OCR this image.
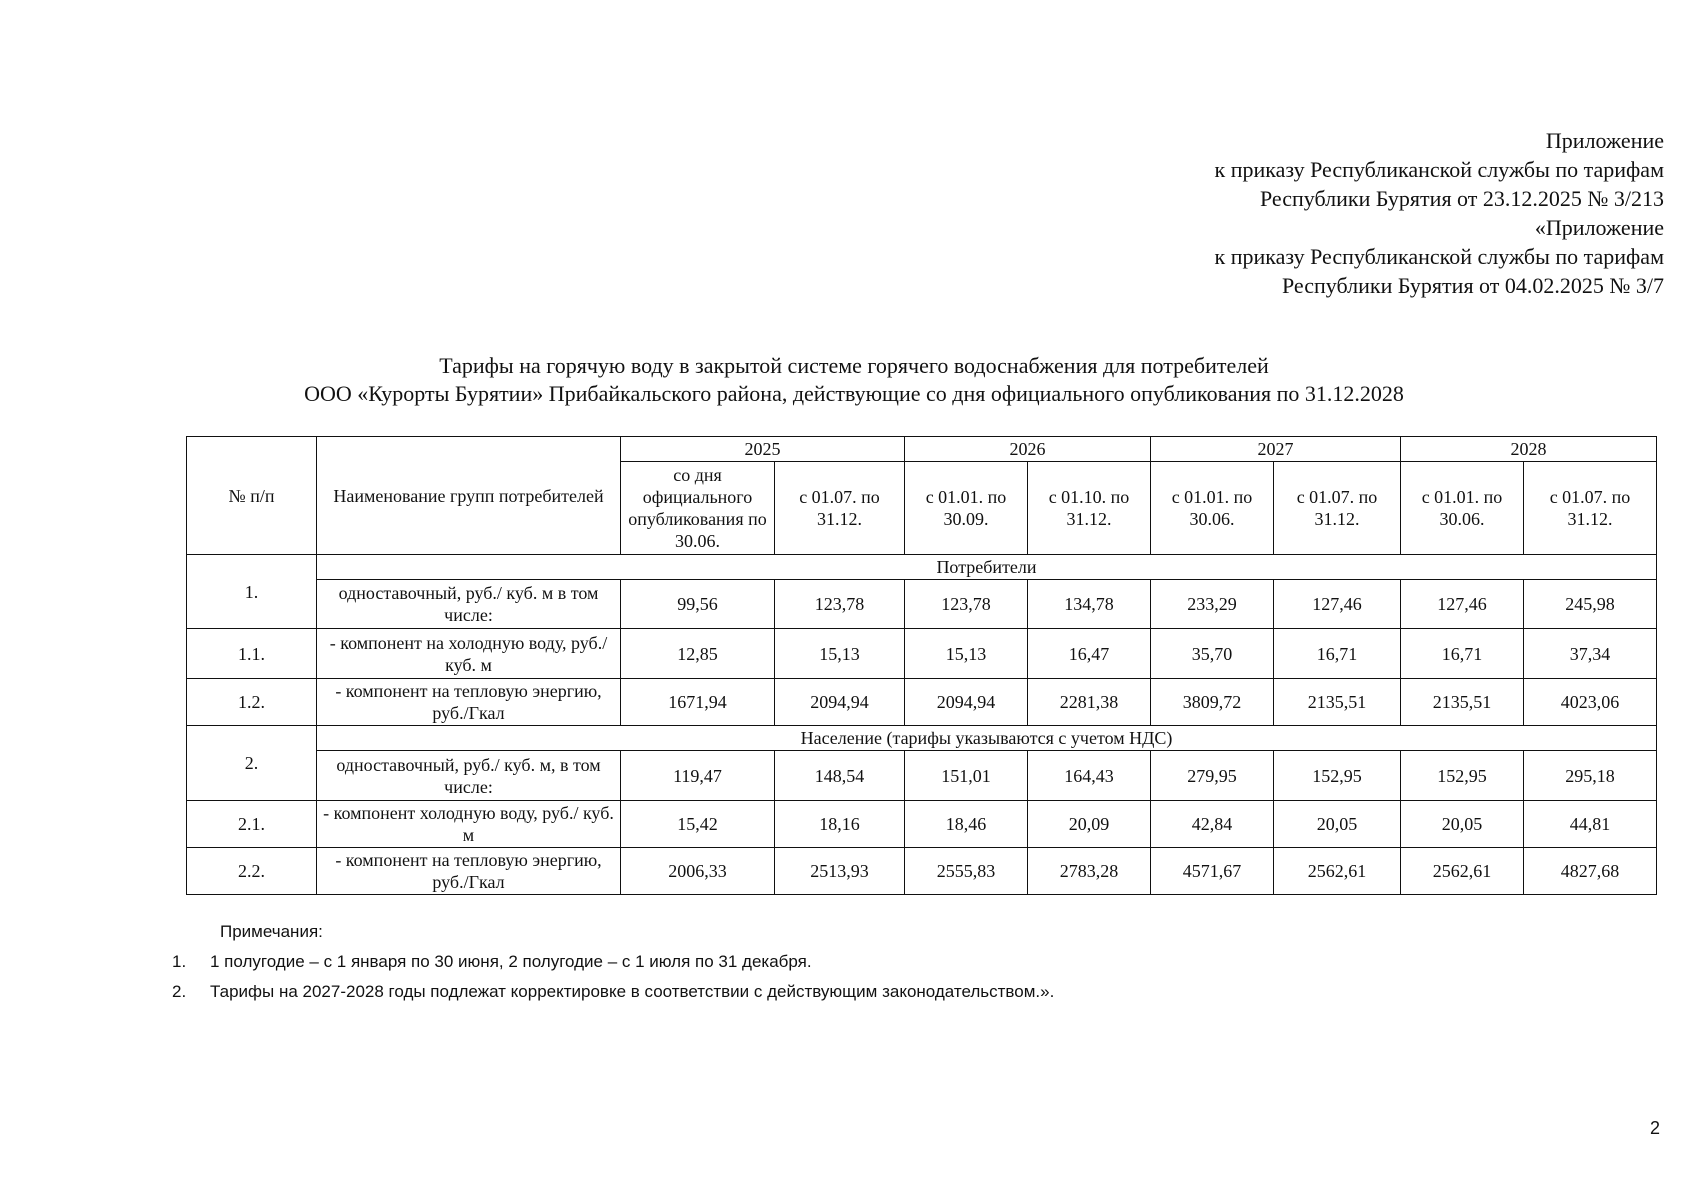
Приложение
к приказу Республиканской службы по тарифам
Республики Бурятия от 23.12.2025 № 3/213
«Приложение
к приказу Республиканской службы по тарифам
Республики Бурятия от 04.02.2025 № 3/7
Тарифы на горячую воду в закрытой системе горячего водоснабжения для потребителей
ООО «Курорты Бурятии» Прибайкальского района, действующие со дня официального опубликования по 31.12.2028
№ п/п	Наименование групп потребителей	2025		2026		2027		2028	
		со дня официального опубликования по 30.06.	с 01.07. по 31.12.	с 01.01. по 30.09.	с 01.10. по 31.12.	с 01.01. по 30.06.	с 01.07. по 31.12.	с 01.01. по 30.06.	с 01.07. по 31.12.
1.	Потребители								
	одноставочный, руб./ куб. м в том числе:	99,56	123,78	123,78	134,78	233,29	127,46	127,46	245,98
1.1.	- компонент на холодную воду, руб./ куб. м	12,85	15,13	15,13	16,47	35,70	16,71	16,71	37,34
1.2.	- компонент на тепловую энергию, руб./Гкал	1671,94	2094,94	2094,94	2281,38	3809,72	2135,51	2135,51	4023,06
2.	Население (тарифы указываются с учетом НДС)								
	одноставочный, руб./ куб. м, в том числе:	119,47	148,54	151,01	164,43	279,95	152,95	152,95	295,18
2.1.	- компонент холодную воду, руб./ куб. м	15,42	18,16	18,46	20,09	42,84	20,05	20,05	44,81
2.2.	- компонент на тепловую энергию, руб./Гкал	2006,33	2513,93	2555,83	2783,28	4571,67	2562,61	2562,61	4827,68
Примечания:
1.	1 полугодие – с 1 января по 30 июня, 2 полугодие – с 1 июля по 31 декабря.
2.	Тарифы на 2027-2028 годы подлежат корректировке в соответствии с действующим законодательством.».
2
